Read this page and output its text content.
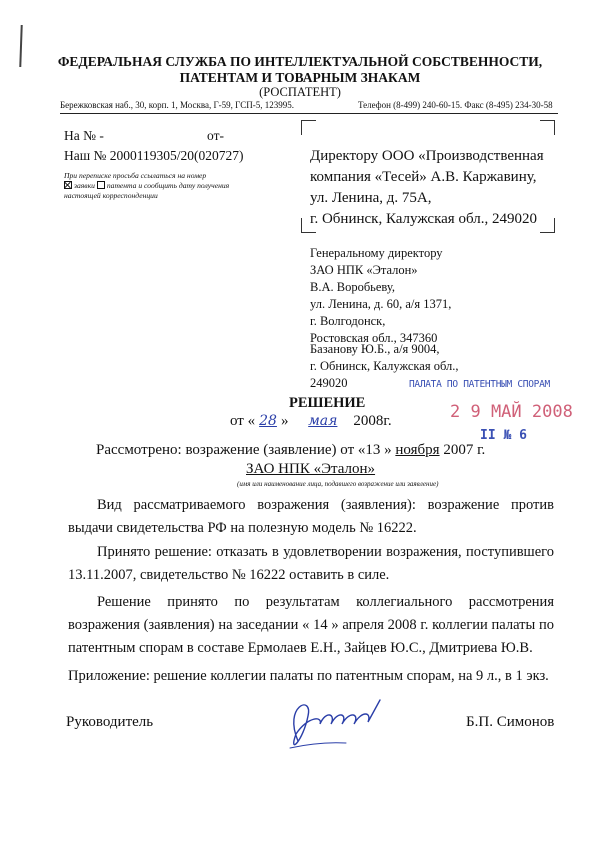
ФЕДЕРАЛЬНАЯ СЛУЖБА ПО ИНТЕЛЛЕКТУАЛЬНОЙ СОБСТВЕННОСТИ,
ПАТЕНТАМ И ТОВАРНЫМ ЗНАКАМ
(РОСПАТЕНТ)
Бережковская наб., 30, корп. 1, Москва, Г-59, ГСП-5, 123995.	Телефон (8-499) 240-60-15. Факс (8-495) 234-30-58
На № -	от-
Наш № 2000119305/20(020727)
При переписке просьба ссылаться на номер
заявки патента и сообщить дату получения
настоящей корреспонденции
Директору ООО «Производственная
компания «Тесей» А.В. Каржавину,
ул. Ленина, д. 75А,
г. Обнинск, Калужская обл., 249020
Генеральному директору
ЗАО НПК «Эталон»
В.А. Воробьеву,
ул. Ленина, д. 60, а/я 1371,
г. Волгодонск,
Ростовская обл., 347360
Базанову Ю.Б., а/я 9004,
г. Обнинск, Калужская обл.,
249020	ПАЛАТА ПО ПАТЕНТНЫМ СПОРАМ
2 9 МАЙ 2008
II № 6
РЕШЕНИЕ
от « 28 » мая 2008г.
Рассмотрено: возражение (заявление) от «13 » ноября 2007 г.
ЗАО НПК «Эталон»
(имя или наименование лица, подавшего возражение или заявление)
Вид рассматриваемого возражения (заявления): возражение против выдачи свидетельства РФ на полезную модель № 16222.
Принято решение: отказать в удовлетворении возражения, поступившего 13.11.2007, свидетельство № 16222 оставить в силе.
Решение принято по результатам коллегиального рассмотрения возражения (заявления) на заседании « 14 » апреля 2008 г. коллегии палаты по патентным спорам в составе Ермолаев Е.Н., Зайцев Ю.С., Дмитриева Ю.В.
Приложение: решение коллегии палаты по патентным спорам, на 9 л., в 1 экз.
Руководитель	Б.П. Симонов
